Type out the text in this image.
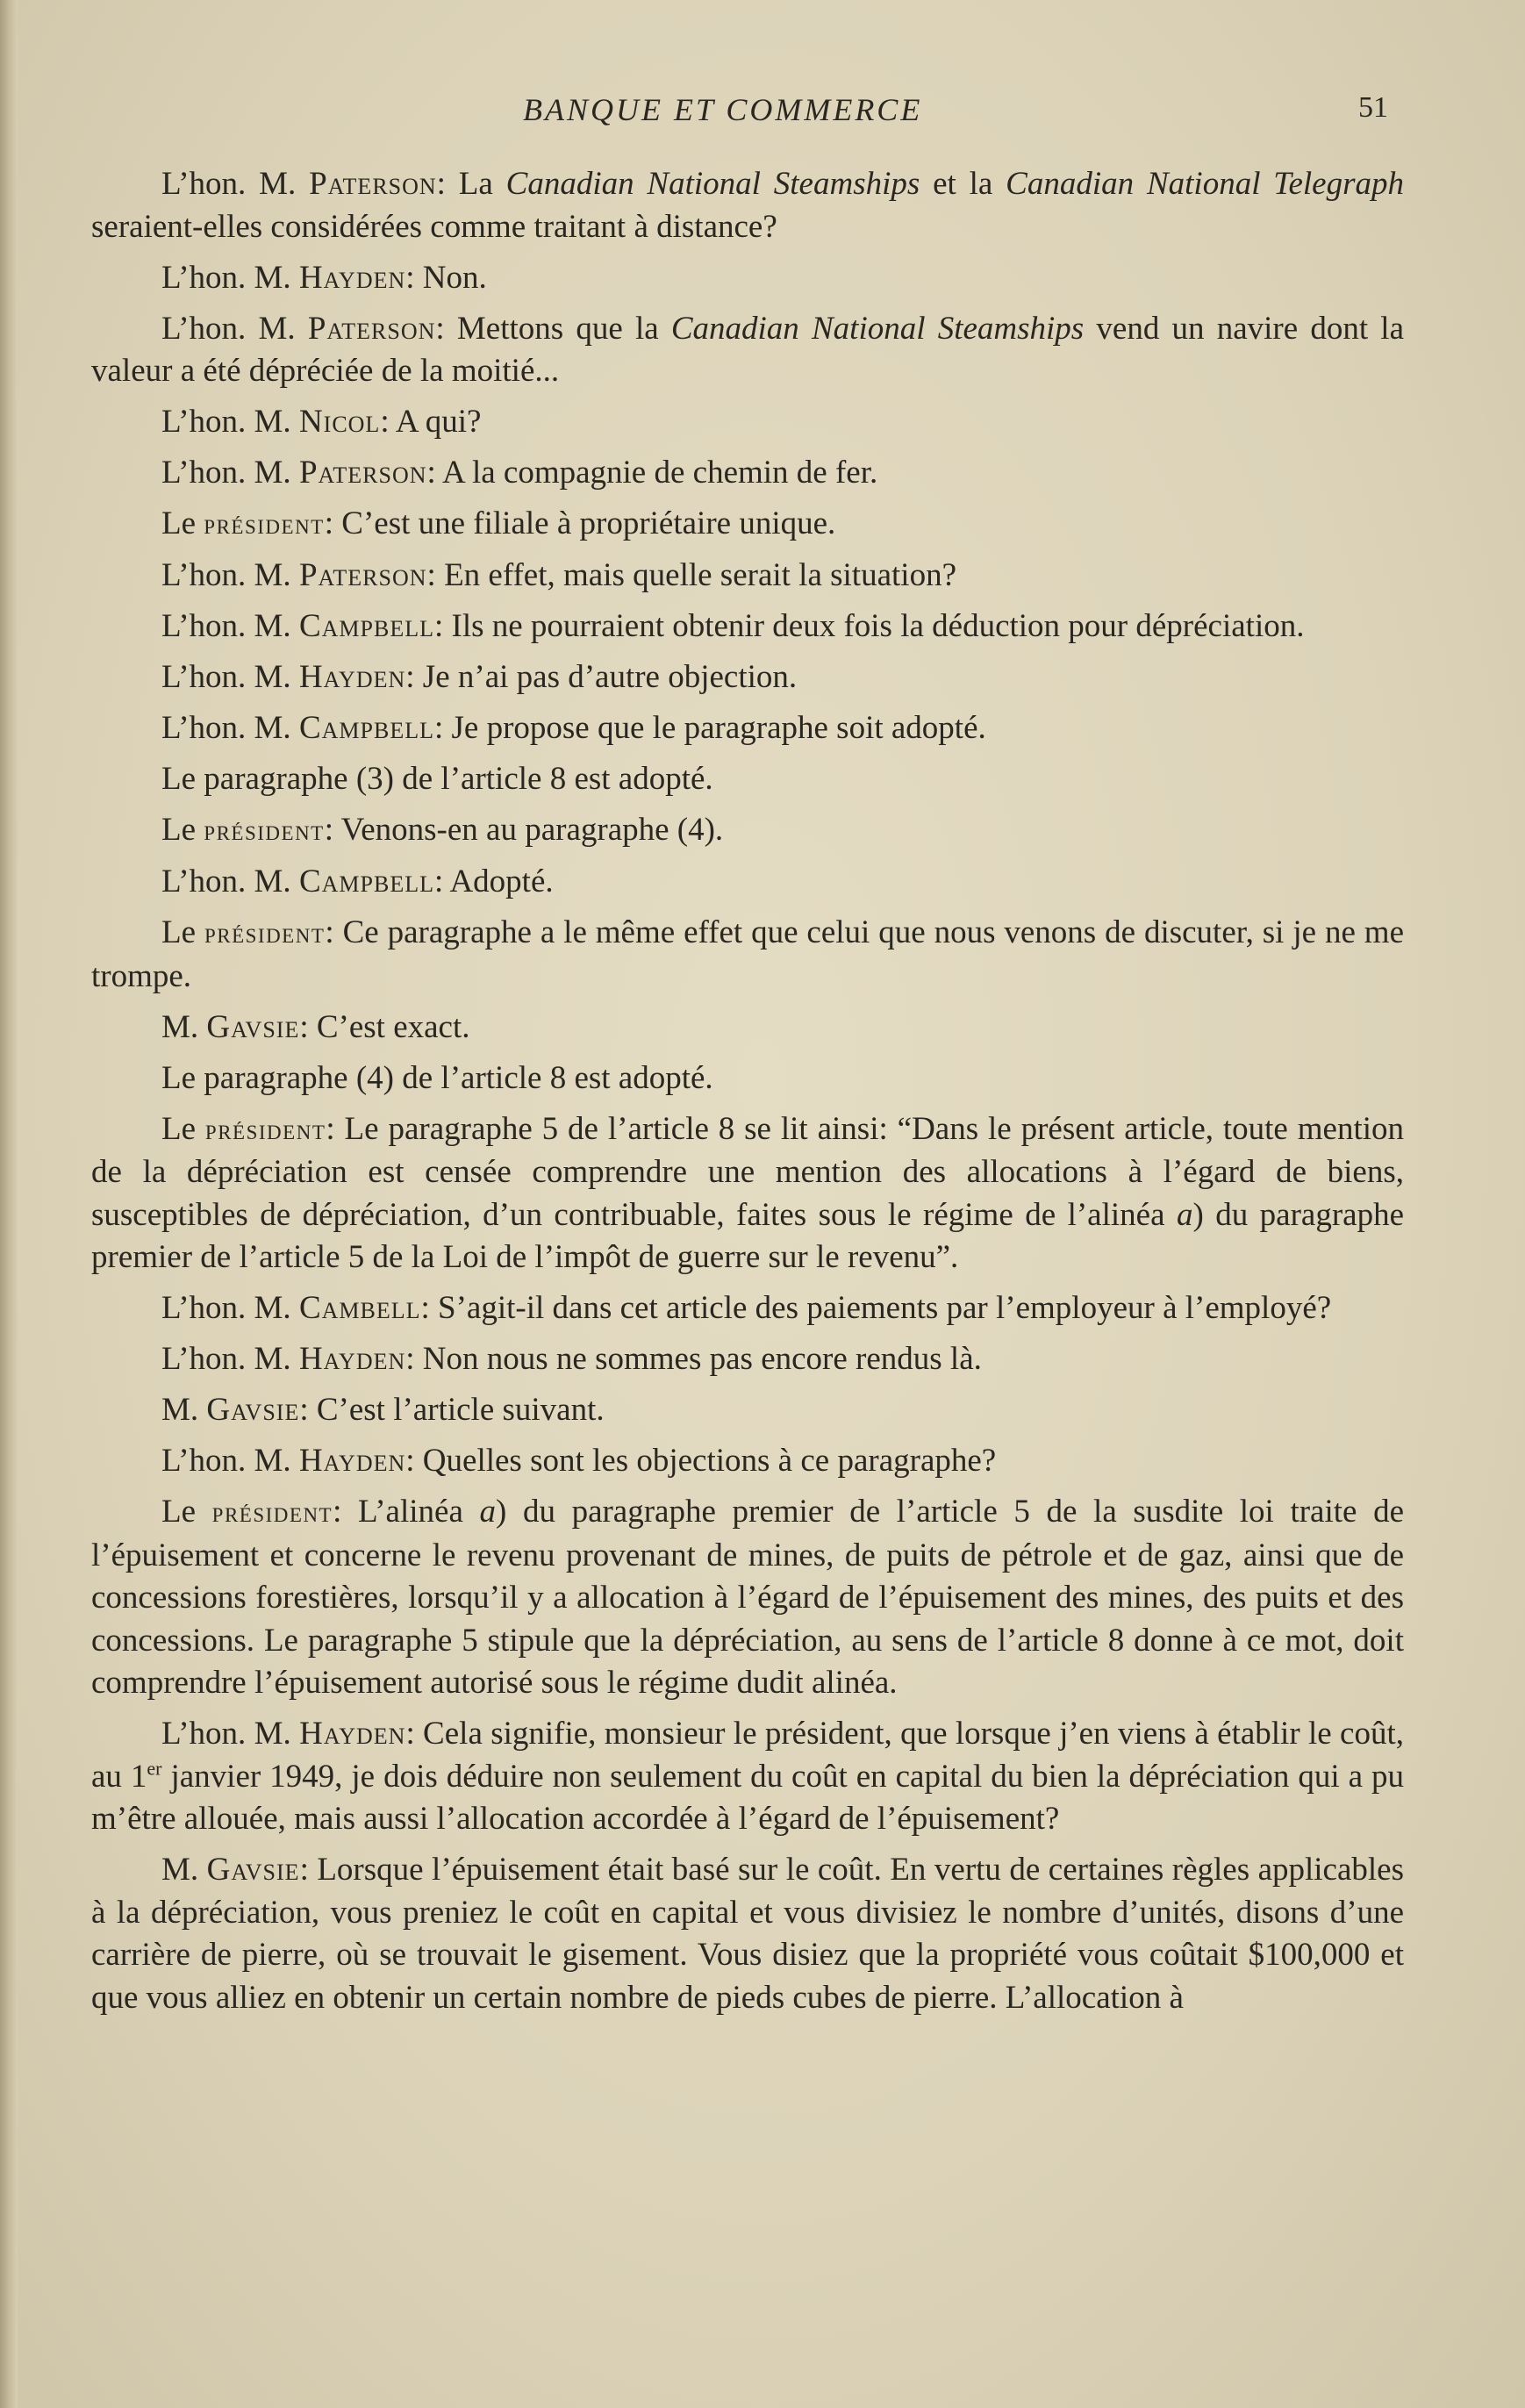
BANQUE ET COMMERCE	51

L’hon. M. Paterson: La Canadian National Steamships et la Canadian National Telegraph seraient-elles considérées comme traitant à distance?

L’hon. M. Hayden: Non.

L’hon. M. Paterson: Mettons que la Canadian National Steamships vend un navire dont la valeur a été dépréciée de la moitié...

L’hon. M. Nicol: A qui?

L’hon. M. Paterson: A la compagnie de chemin de fer.

Le président: C’est une filiale à propriétaire unique.

L’hon. M. Paterson: En effet, mais quelle serait la situation?

L’hon. M. Campbell: Ils ne pourraient obtenir deux fois la déduction pour dépréciation.

L’hon. M. Hayden: Je n’ai pas d’autre objection.

L’hon. M. Campbell: Je propose que le paragraphe soit adopté.

Le paragraphe (3) de l’article 8 est adopté.

Le président: Venons-en au paragraphe (4).

L’hon. M. Campbell: Adopté.

Le président: Ce paragraphe a le même effet que celui que nous venons de discuter, si je ne me trompe.

M. Gavsie: C’est exact.

Le paragraphe (4) de l’article 8 est adopté.

Le président: Le paragraphe 5 de l’article 8 se lit ainsi: “Dans le présent article, toute mention de la dépréciation est censée comprendre une mention des allocations à l’égard de biens, susceptibles de dépréciation, d’un contribuable, faites sous le régime de l’alinéa a) du paragraphe premier de l’article 5 de la Loi de l’impôt de guerre sur le revenu”.

L’hon. M. Cambell: S’agit-il dans cet article des paiements par l’employeur à l’employé?

L’hon. M. Hayden: Non nous ne sommes pas encore rendus là.

M. Gavsie: C’est l’article suivant.

L’hon. M. Hayden: Quelles sont les objections à ce paragraphe?

Le président: L’alinéa a) du paragraphe premier de l’article 5 de la susdite loi traite de l’épuisement et concerne le revenu provenant de mines, de puits de pétrole et de gaz, ainsi que de concessions forestières, lorsqu’il y a allocation à l’égard de l’épuisement des mines, des puits et des concessions. Le paragraphe 5 stipule que la dépréciation, au sens de l’article 8 donne à ce mot, doit comprendre l’épuisement autorisé sous le régime dudit alinéa.

L’hon. M. Hayden: Cela signifie, monsieur le président, que lorsque j’en viens à établir le coût, au 1er janvier 1949, je dois déduire non seulement du coût en capital du bien la dépréciation qui a pu m’être allouée, mais aussi l’allocation accordée à l’égard de l’épuisement?

M. Gavsie: Lorsque l’épuisement était basé sur le coût. En vertu de certaines règles applicables à la dépréciation, vous preniez le coût en capital et vous divisiez le nombre d’unités, disons d’une carrière de pierre, où se trouvait le gisement. Vous disiez que la propriété vous coûtait $100,000 et que vous alliez en obtenir un certain nombre de pieds cubes de pierre. L’allocation à
